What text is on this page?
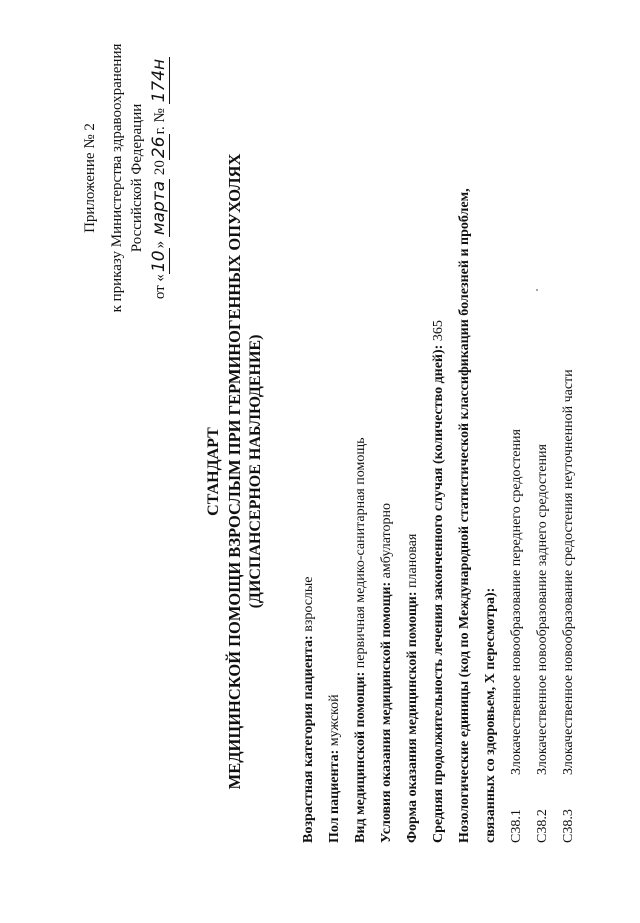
Приложение № 2 к приказу Министерства здравоохранения Российской Федерации
от «10» марта 2026г. № 174н
СТАНДАРТ МЕДИЦИНСКОЙ ПОМОЩИ ВЗРОСЛЫМ ПРИ ГЕРМИНОГЕННЫХ ОПУХОЛЯХ (ДИСПАНСЕРНОЕ НАБЛЮДЕНИЕ)
Возрастная категория пациента: взрослые
Пол пациента: мужской Вид медицинской помощи: первичная медико-санитарная помощь
Условия оказания медицинской помощи: амбулаторно
Форма оказания медицинской помощи: плановая Средняя продолжительность лечения законченного случая (количество дней): 365 Нозологические единицы (код по Международной статистической классификации болезней и проблем, связанных со здоровьем, X пересмотра): C38.1
Злокачественное новообразование переднего средостения
C38.2
Злокачественное новообразование заднего средостения
C38.3
Злокачественное новообразование средостения неуточненной части
